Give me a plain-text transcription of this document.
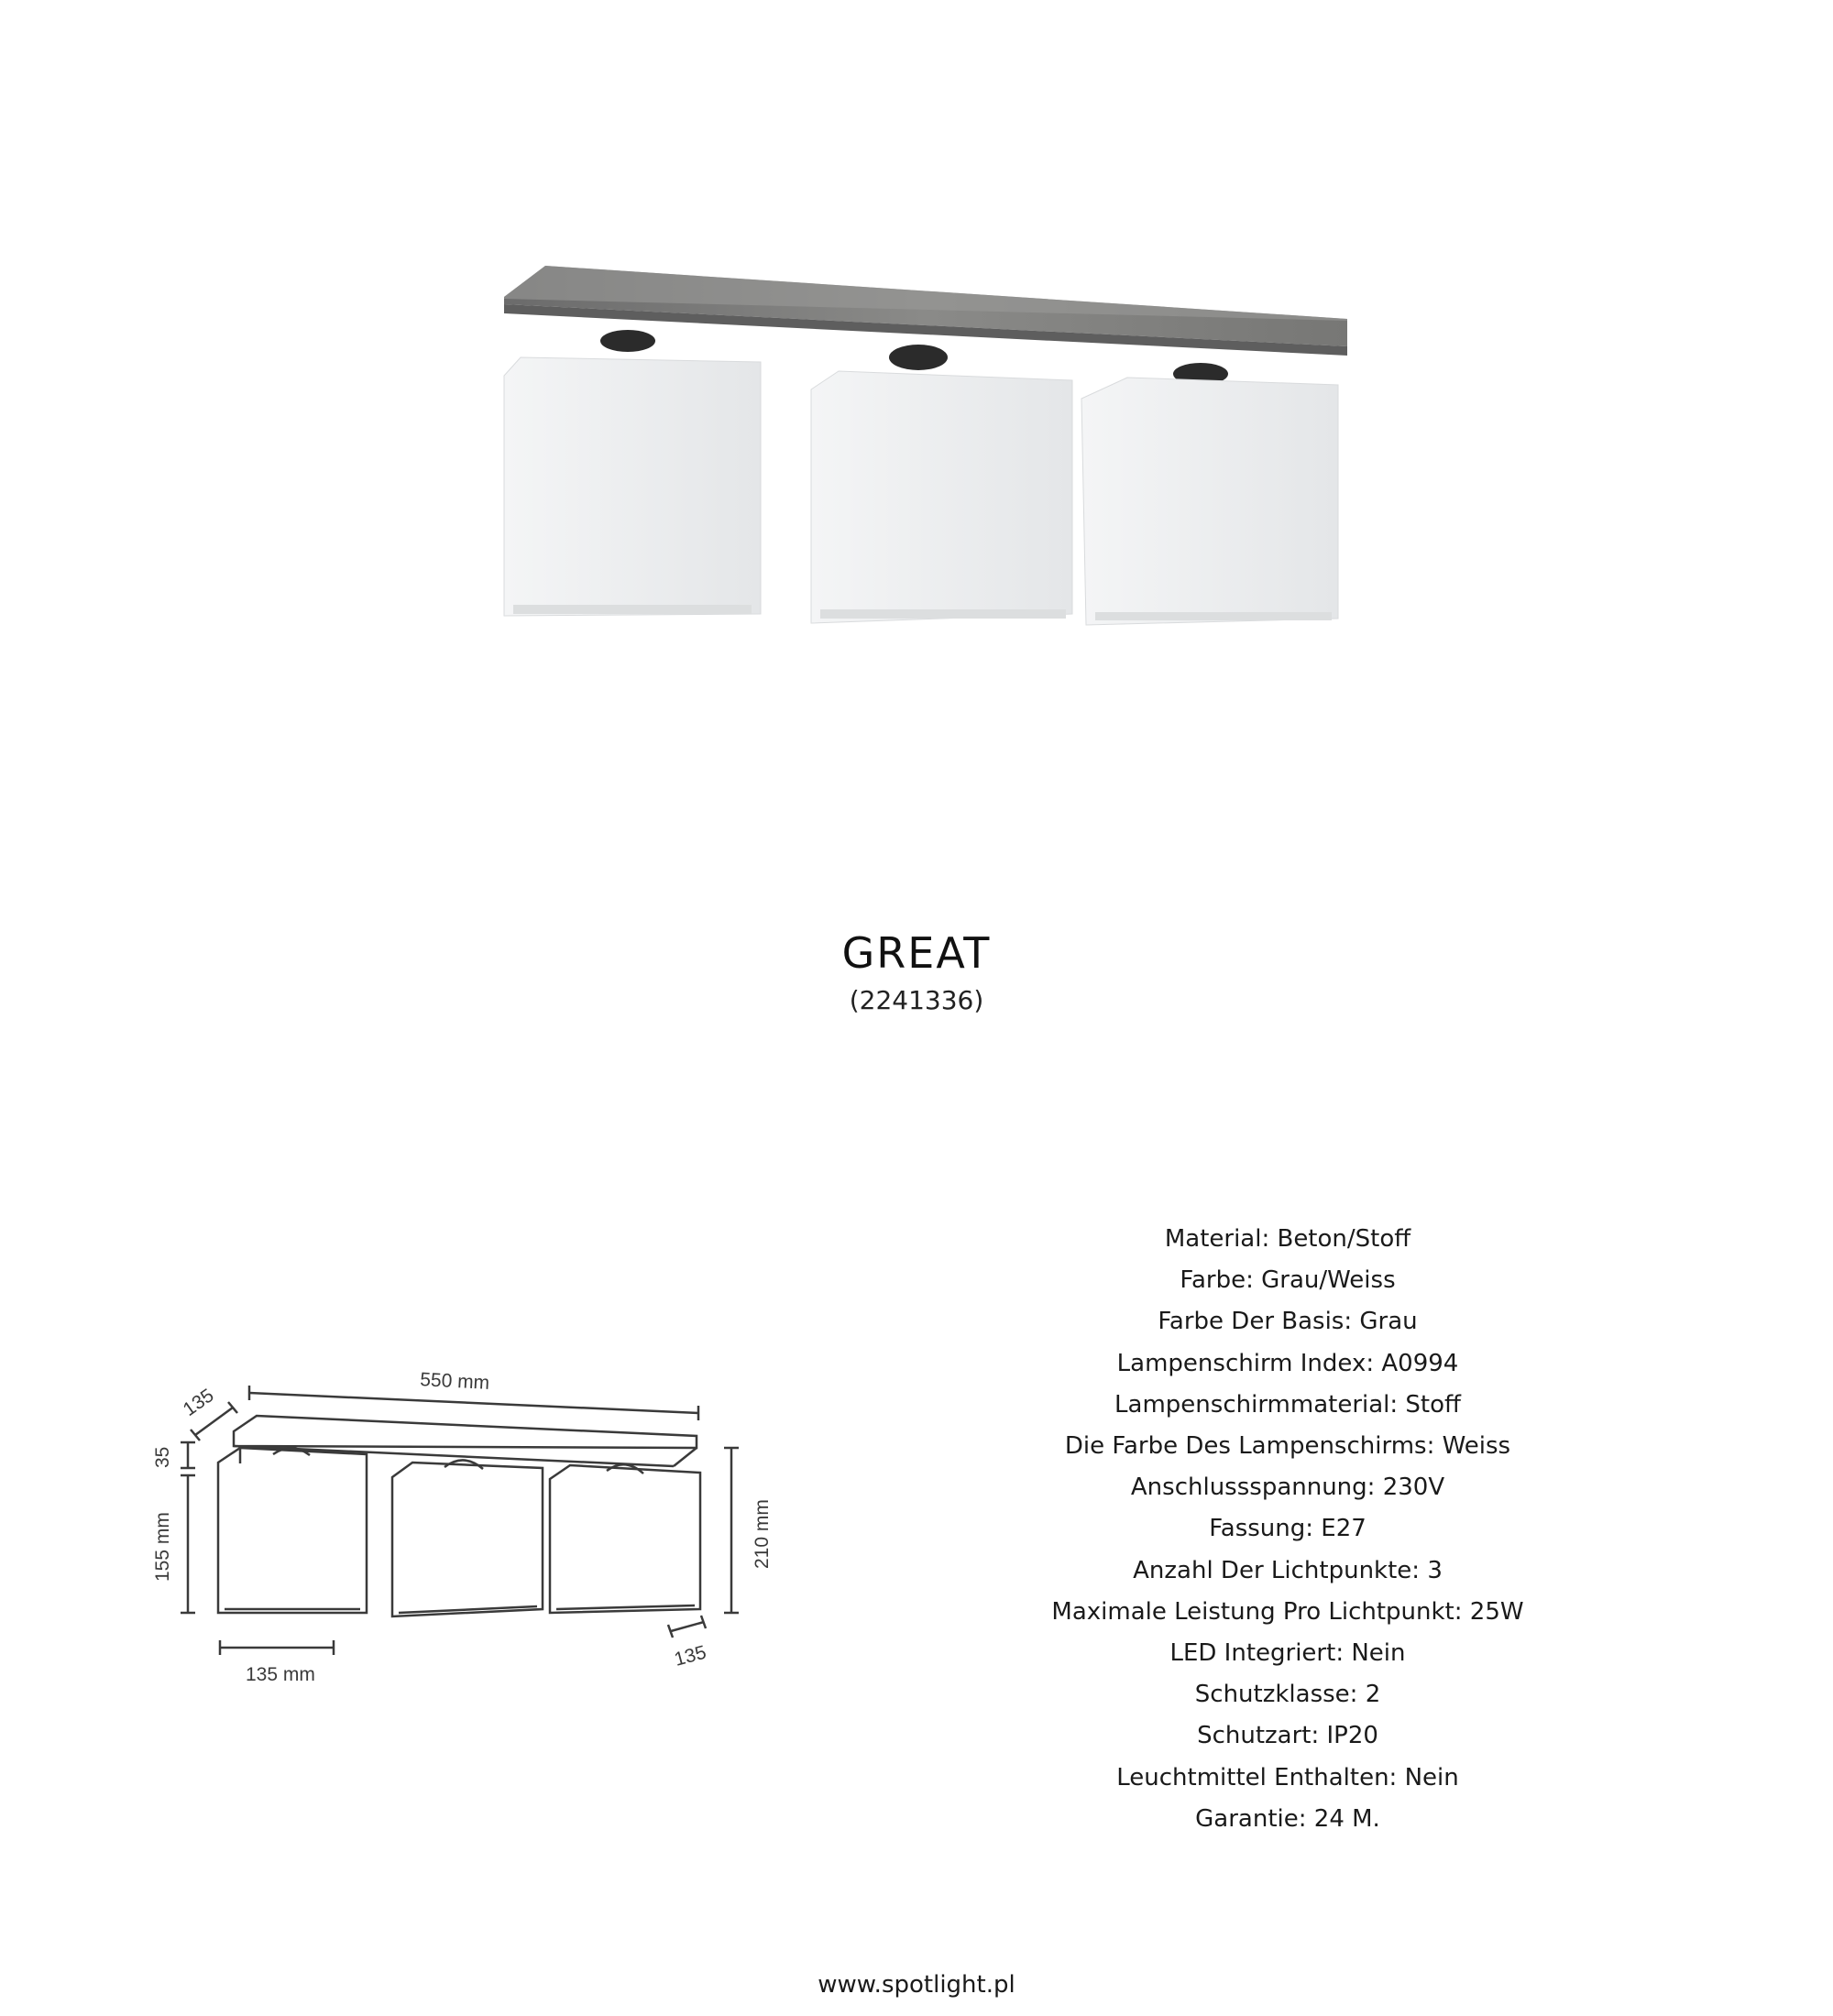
GREAT
(2241336)
550 mm
135
35
155 mm	210 mm
135 mm
135
Material: Beton/Stoff
Farbe: Grau/Weiss
Farbe Der Basis: Grau
Lampenschirm Index: A0994
Lampenschirmmaterial: Stoff
Die Farbe Des Lampenschirms: Weiss
Anschlussspannung: 230V
Fassung: E27
Anzahl Der Lichtpunkte: 3
Maximale Leistung Pro Lichtpunkt: 25W
LED Integriert: Nein
Schutzklasse: 2
Schutzart: IP20
Leuchtmittel Enthalten: Nein
Garantie: 24 M.
www.spotlight.pl
